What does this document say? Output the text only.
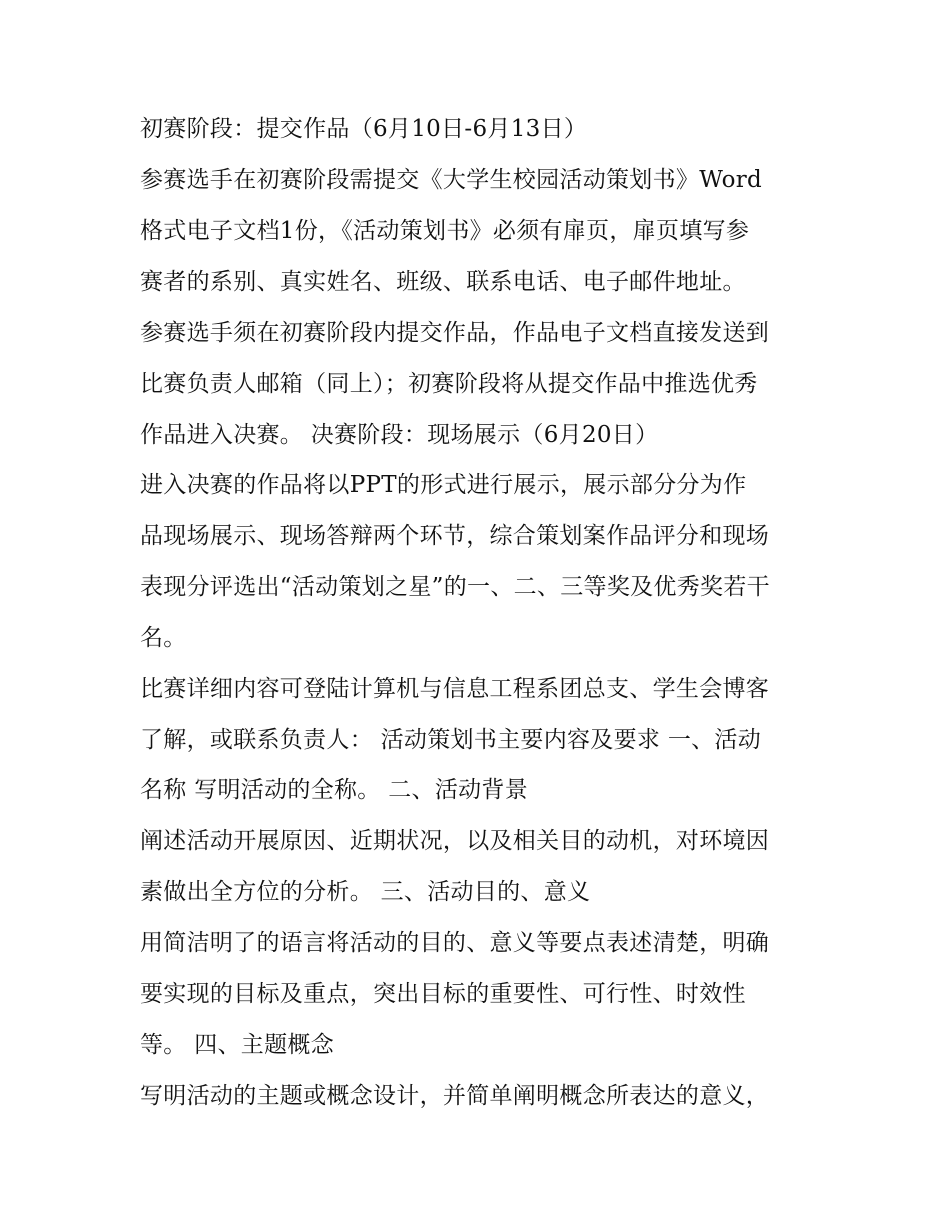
初赛阶段：提交作品（6月10日-6月13日）
参赛选手在初赛阶段需提交《大学生校园活动策划书》Word
格式电子文档1份，《活动策划书》必须有扉页，扉页填写参
赛者的系别、真实姓名、班级、联系电话、电子邮件地址。
参赛选手须在初赛阶段内提交作品，作品电子文档直接发送到
比赛负责人邮箱（同上）；初赛阶段将从提交作品中推选优秀
作品进入决赛。 决赛阶段：现场展示（6月20日）
进入决赛的作品将以PPT的形式进行展示，展示部分分为作
品现场展示、现场答辩两个环节，综合策划案作品评分和现场
表现分评选出“活动策划之星”的一、二、三等奖及优秀奖若干
名。
比赛详细内容可登陆计算机与信息工程系团总支、学生会博客
了解，或联系负责人： 活动策划书主要内容及要求 一、活动
名称 写明活动的全称。 二、活动背景
阐述活动开展原因、近期状况，以及相关目的动机，对环境因
素做出全方位的分析。 三、活动目的、意义
用简洁明了的语言将活动的目的、意义等要点表述清楚，明确
要实现的目标及重点，突出目标的重要性、可行性、时效性
等。 四、主题概念
写明活动的主题或概念设计，并简单阐明概念所表达的意义，
